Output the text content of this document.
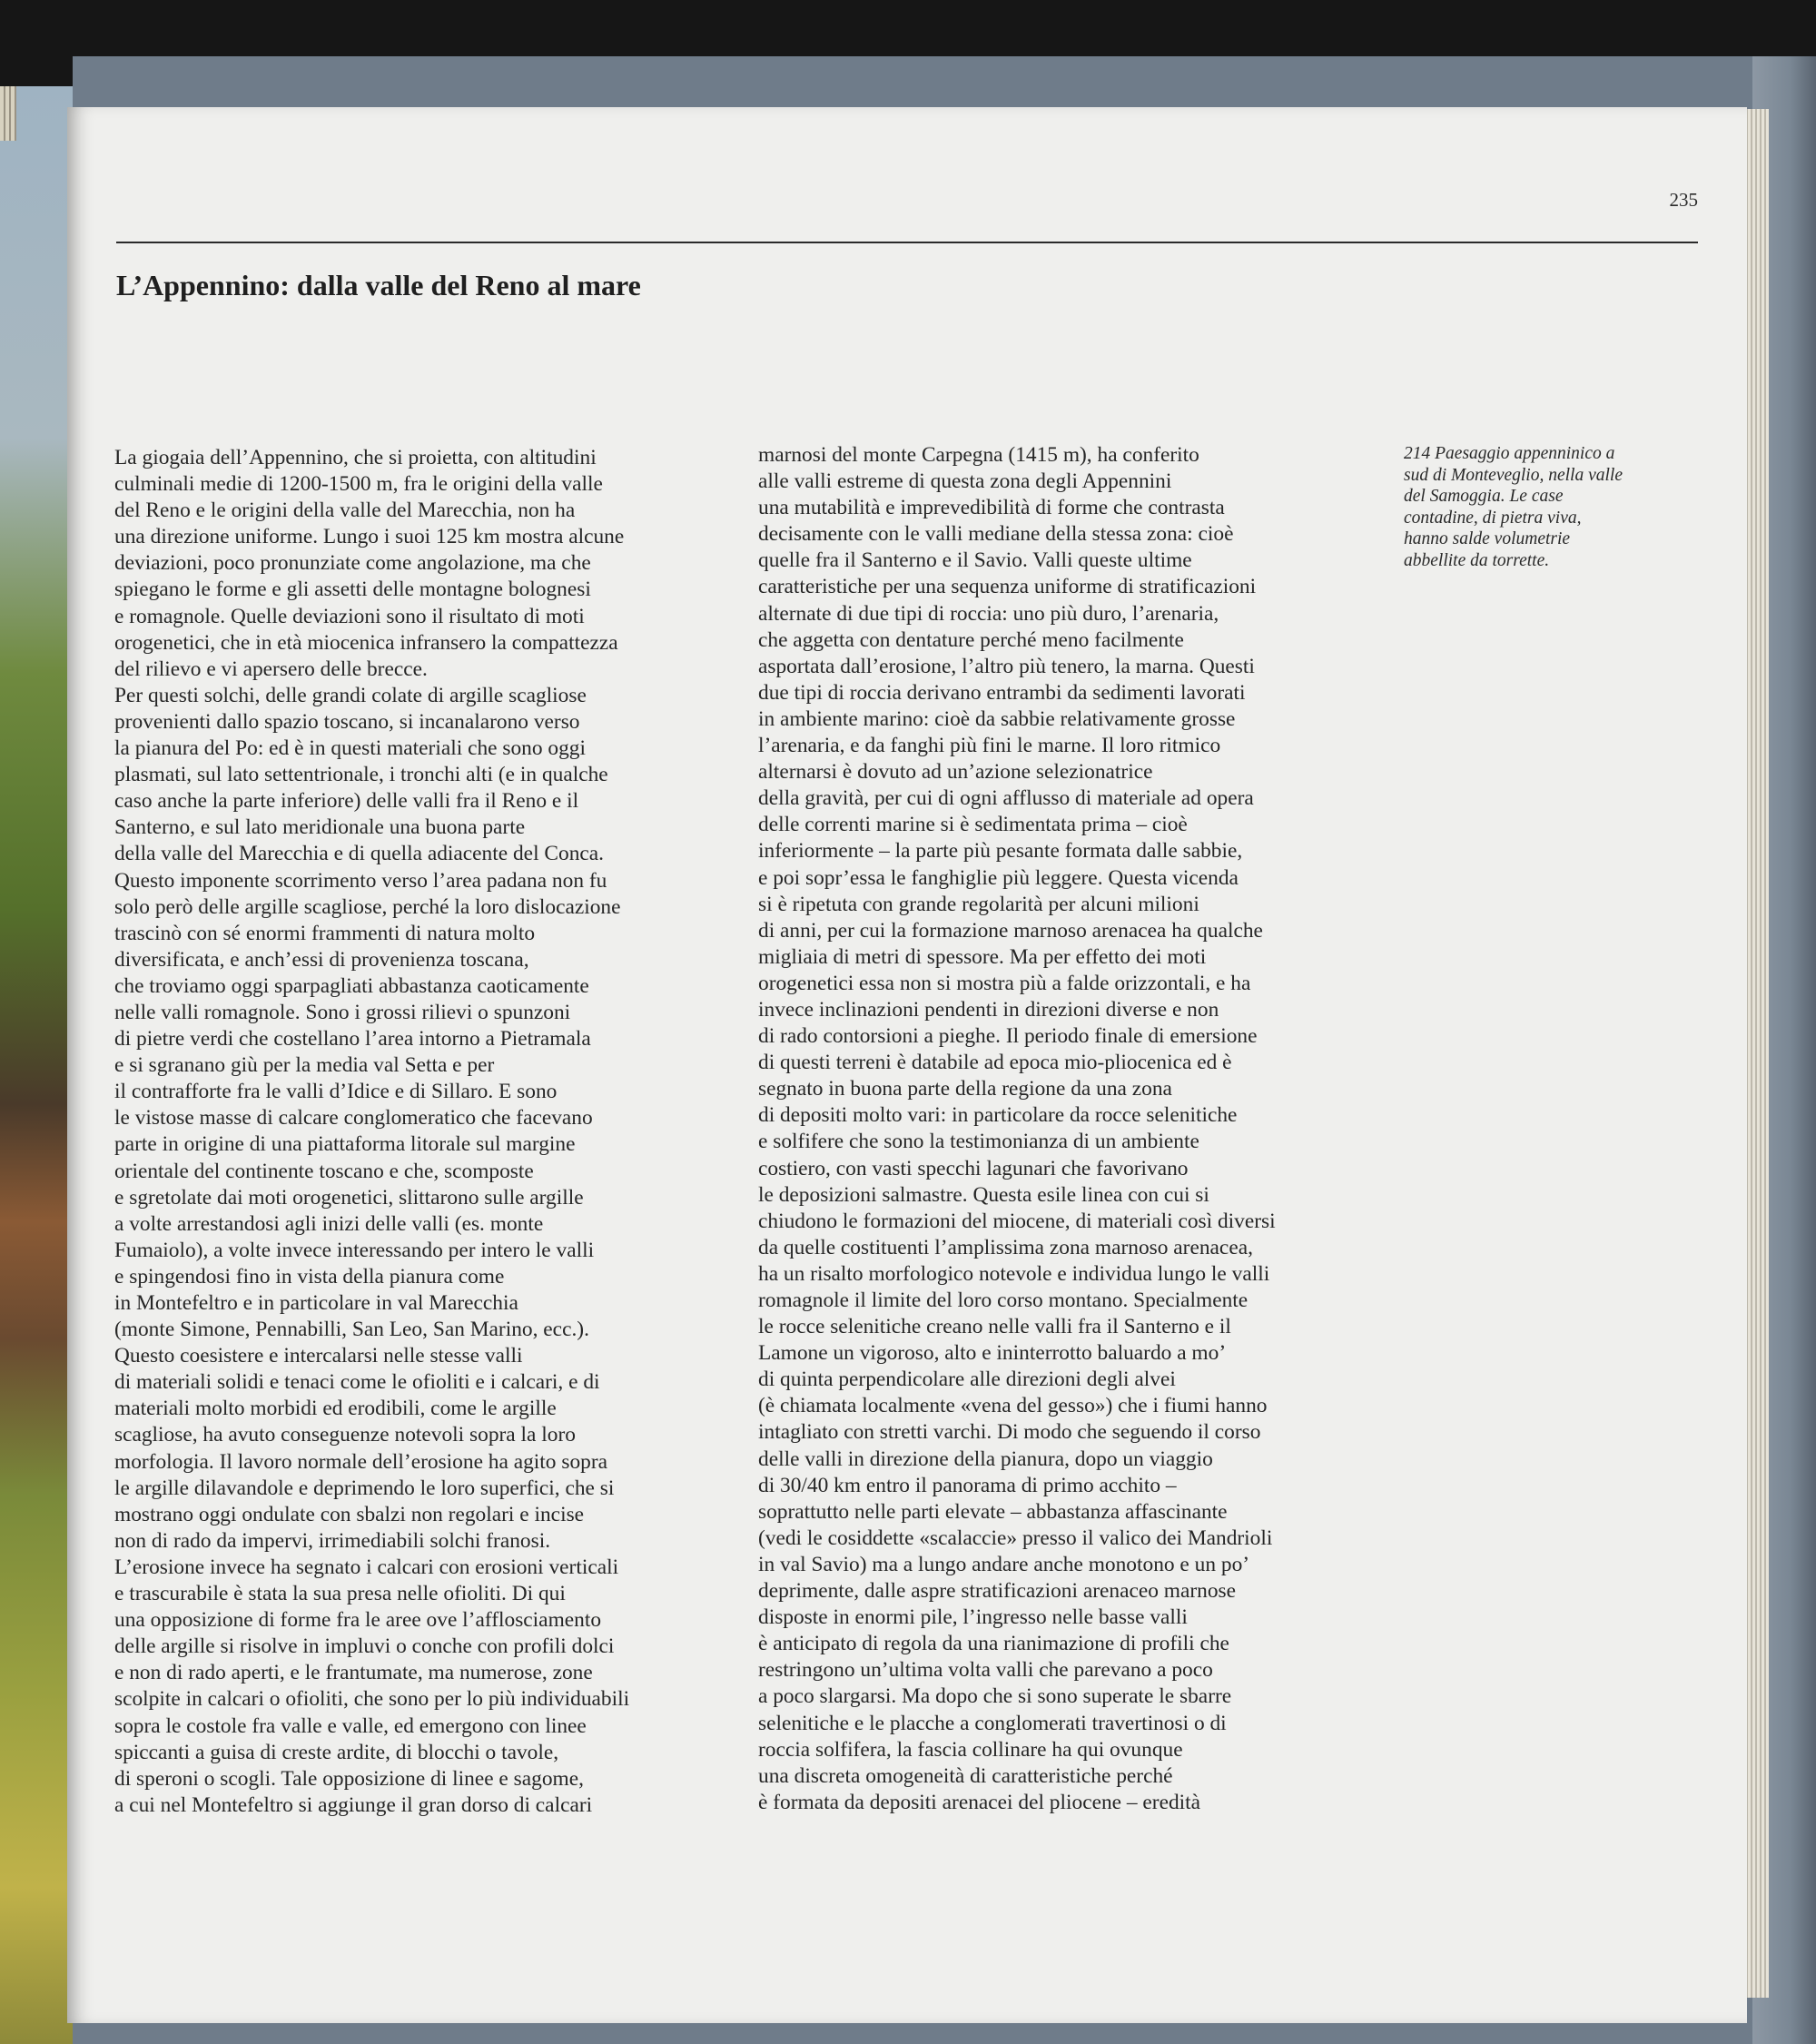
235
L’Appennino: dalla valle del Reno al mare
La giogaia dell’Appennino, che si proietta, con altitudini
culminali medie di 1200-1500 m, fra le origini della valle
del Reno e le origini della valle del Marecchia, non ha
una direzione uniforme. Lungo i suoi 125 km mostra alcune
deviazioni, poco pronunziate come angolazione, ma che
spiegano le forme e gli assetti delle montagne bolognesi
e romagnole. Quelle deviazioni sono il risultato di moti
orogenetici, che in età miocenica infransero la compattezza
del rilievo e vi apersero delle brecce.
Per questi solchi, delle grandi colate di argille scagliose
provenienti dallo spazio toscano, si incanalarono verso
la pianura del Po: ed è in questi materiali che sono oggi
plasmati, sul lato settentrionale, i tronchi alti (e in qualche
caso anche la parte inferiore) delle valli fra il Reno e il
Santerno, e sul lato meridionale una buona parte
della valle del Marecchia e di quella adiacente del Conca.
Questo imponente scorrimento verso l’area padana non fu
solo però delle argille scagliose, perché la loro dislocazione
trascinò con sé enormi frammenti di natura molto
diversificata, e anch’essi di provenienza toscana,
che troviamo oggi sparpagliati abbastanza caoticamente
nelle valli romagnole. Sono i grossi rilievi o spunzoni
di pietre verdi che costellano l’area intorno a Pietramala
e si sgranano giù per la media val Setta e per
il contrafforte fra le valli d’Idice e di Sillaro. E sono
le vistose masse di calcare conglomeratico che facevano
parte in origine di una piattaforma litorale sul margine
orientale del continente toscano e che, scomposte
e sgretolate dai moti orogenetici, slittarono sulle argille
a volte arrestandosi agli inizi delle valli (es. monte
Fumaiolo), a volte invece interessando per intero le valli
e spingendosi fino in vista della pianura come
in Montefeltro e in particolare in val Marecchia
(monte Simone, Pennabilli, San Leo, San Marino, ecc.).
Questo coesistere e intercalarsi nelle stesse valli
di materiali solidi e tenaci come le ofioliti e i calcari, e di
materiali molto morbidi ed erodibili, come le argille
scagliose, ha avuto conseguenze notevoli sopra la loro
morfologia. Il lavoro normale dell’erosione ha agito sopra
le argille dilavandole e deprimendo le loro superfici, che si
mostrano oggi ondulate con sbalzi non regolari e incise
non di rado da impervi, irrimediabili solchi franosi.
L’erosione invece ha segnato i calcari con erosioni verticali
e trascurabile è stata la sua presa nelle ofioliti. Di qui
una opposizione di forme fra le aree ove l’afflosciamento
delle argille si risolve in impluvi o conche con profili dolci
e non di rado aperti, e le frantumate, ma numerose, zone
scolpite in calcari o ofioliti, che sono per lo più individuabili
sopra le costole fra valle e valle, ed emergono con linee
spiccanti a guisa di creste ardite, di blocchi o tavole,
di speroni o scogli. Tale opposizione di linee e sagome,
a cui nel Montefeltro si aggiunge il gran dorso di calcari
marnosi del monte Carpegna (1415 m), ha conferito
alle valli estreme di questa zona degli Appennini
una mutabilità e imprevedibilità di forme che contrasta
decisamente con le valli mediane della stessa zona: cioè
quelle fra il Santerno e il Savio. Valli queste ultime
caratteristiche per una sequenza uniforme di stratificazioni
alternate di due tipi di roccia: uno più duro, l’arenaria,
che aggetta con dentature perché meno facilmente
asportata dall’erosione, l’altro più tenero, la marna. Questi
due tipi di roccia derivano entrambi da sedimenti lavorati
in ambiente marino: cioè da sabbie relativamente grosse
l’arenaria, e da fanghi più fini le marne. Il loro ritmico
alternarsi è dovuto ad un’azione selezionatrice
della gravità, per cui di ogni afflusso di materiale ad opera
delle correnti marine si è sedimentata prima – cioè
inferiormente – la parte più pesante formata dalle sabbie,
e poi sopr’essa le fanghiglie più leggere. Questa vicenda
si è ripetuta con grande regolarità per alcuni milioni
di anni, per cui la formazione marnoso arenacea ha qualche
migliaia di metri di spessore. Ma per effetto dei moti
orogenetici essa non si mostra più a falde orizzontali, e ha
invece inclinazioni pendenti in direzioni diverse e non
di rado contorsioni a pieghe. Il periodo finale di emersione
di questi terreni è databile ad epoca mio-pliocenica ed è
segnato in buona parte della regione da una zona
di depositi molto vari: in particolare da rocce selenitiche
e solfifere che sono la testimonianza di un ambiente
costiero, con vasti specchi lagunari che favorivano
le deposizioni salmastre. Questa esile linea con cui si
chiudono le formazioni del miocene, di materiali così diversi
da quelle costituenti l’amplissima zona marnoso arenacea,
ha un risalto morfologico notevole e individua lungo le valli
romagnole il limite del loro corso montano. Specialmente
le rocce selenitiche creano nelle valli fra il Santerno e il
Lamone un vigoroso, alto e ininterrotto baluardo a mo’
di quinta perpendicolare alle direzioni degli alvei
(è chiamata localmente «vena del gesso») che i fiumi hanno
intagliato con stretti varchi. Di modo che seguendo il corso
delle valli in direzione della pianura, dopo un viaggio
di 30/40 km entro il panorama di primo acchito –
soprattutto nelle parti elevate – abbastanza affascinante
(vedi le cosiddette «scalaccie» presso il valico dei Mandrioli
in val Savio) ma a lungo andare anche monotono e un po’
deprimente, dalle aspre stratificazioni arenaceo marnose
disposte in enormi pile, l’ingresso nelle basse valli
è anticipato di regola da una rianimazione di profili che
restringono un’ultima volta valli che parevano a poco
a poco slargarsi. Ma dopo che si sono superate le sbarre
selenitiche e le placche a conglomerati travertinosi o di
roccia solfifera, la fascia collinare ha qui ovunque
una discreta omogeneità di caratteristiche perché
è formata da depositi arenacei del pliocene – eredità
214 Paesaggio appenninico a
sud di Monteveglio, nella valle
del Samoggia. Le case
contadine, di pietra viva,
hanno salde volumetrie
abbellite da torrette.
